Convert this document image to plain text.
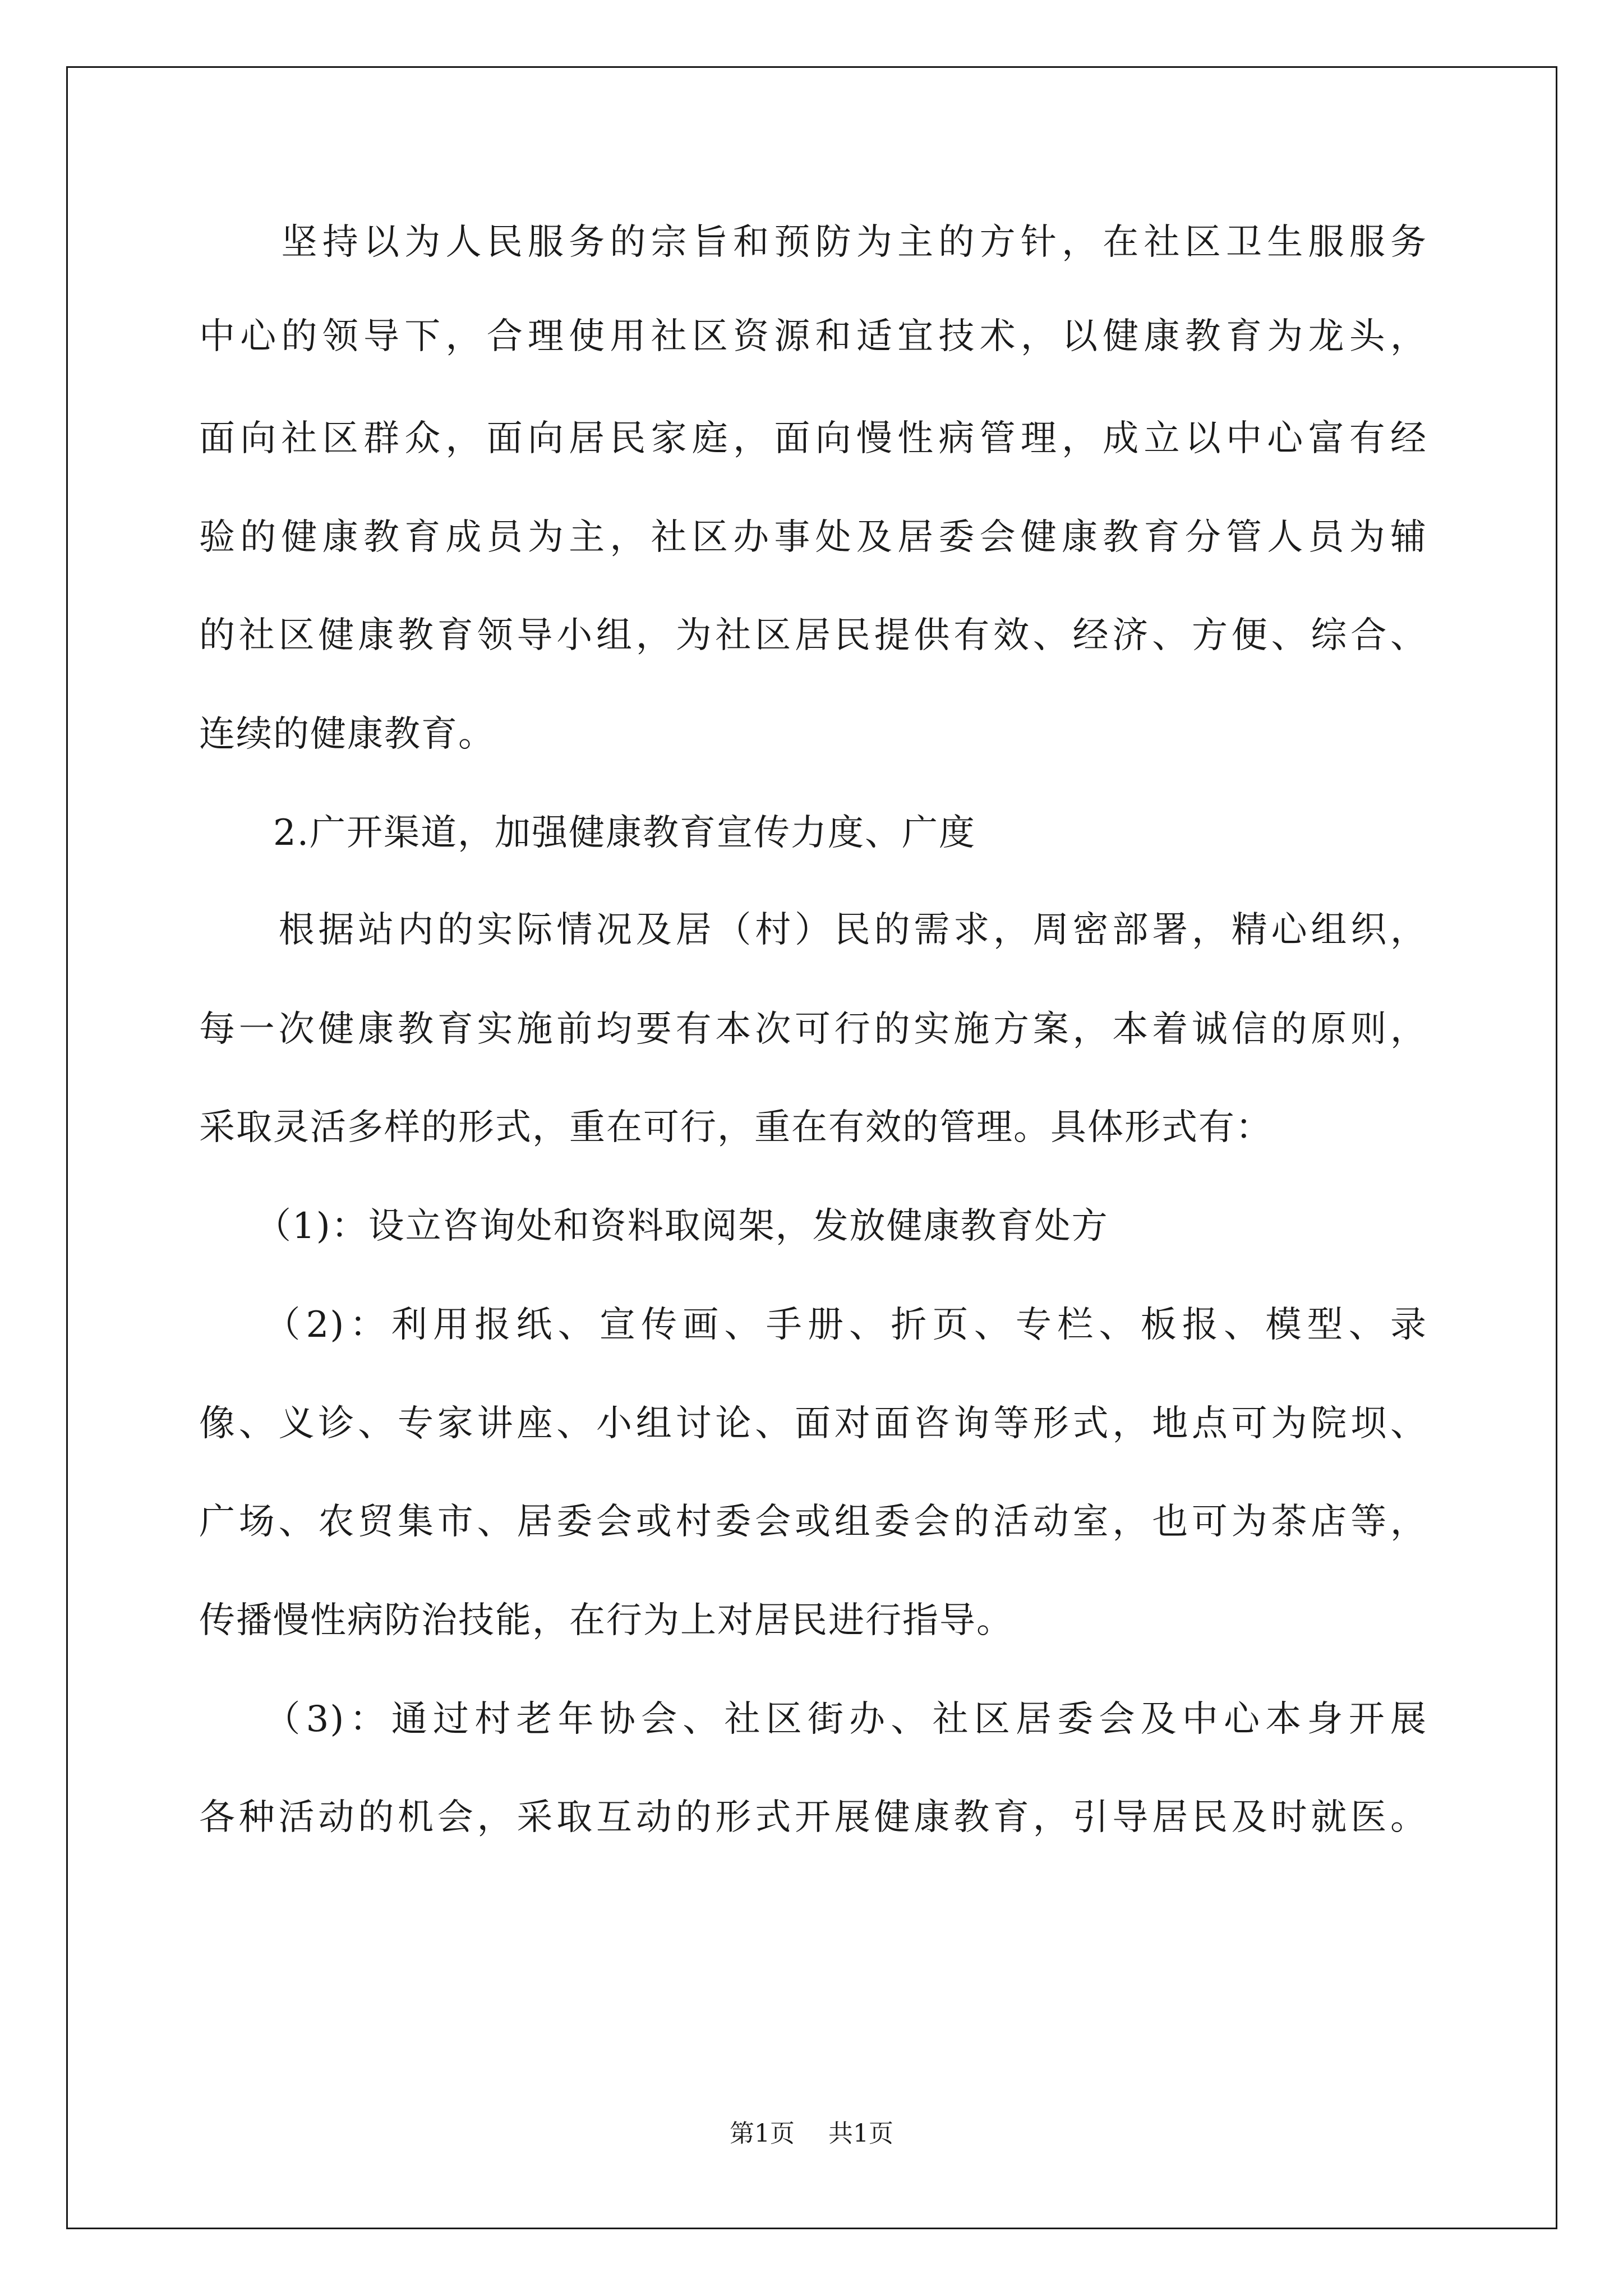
　　坚持以为人民服务的宗旨和预防为主的方针，在社区卫生服服务
中心的领导下，合理使用社区资源和适宜技术，以健康教育为龙头，
面向社区群众，面向居民家庭，面向慢性病管理，成立以中心富有经
验的健康教育成员为主，社区办事处及居委会健康教育分管人员为辅
的社区健康教育领导小组，为社区居民提供有效、经济、方便、综合、
连续的健康教育。
　　2.广开渠道，加强健康教育宣传力度、广度
　　根据站内的实际情况及居（村）民的需求，周密部署，精心组织，
每一次健康教育实施前均要有本次可行的实施方案，本着诚信的原则，
采取灵活多样的形式，重在可行，重在有效的管理。具体形式有：
　　（1)：设立咨询处和资料取阅架，发放健康教育处方
　　（2)：利用报纸、宣传画、手册、折页、专栏、板报、模型、录
像、义诊、专家讲座、小组讨论、面对面咨询等形式，地点可为院坝、
广场、农贸集市、居委会或村委会或组委会的活动室，也可为茶店等，
传播慢性病防治技能，在行为上对居民进行指导。
　　（3)：通过村老年协会、社区街办、社区居委会及中心本身开展
各种活动的机会，采取互动的形式开展健康教育，引导居民及时就医。
第1页 共1页
